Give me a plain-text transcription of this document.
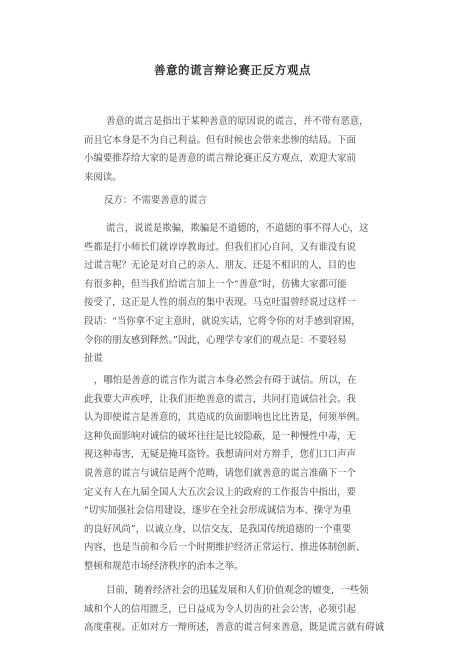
善意的谎言辩论赛正反方观点
善意的谎言是指出于某种善意的原因说的谎言，并不带有恶意，
而且它本身是不为自己利益。但有时候也会带来悲惨的结局。下面
小编要推荐给大家的是善意的谎言辩论赛正反方观点，欢迎大家前
来阅读。
反方：不需要善意的谎言
谎言，说谎是欺骗，欺骗是不道德的，不道德的事不得人心，这
些都是打小师长们就谆谆教诲过。但我们扪心自问，又有谁没有说
过谎言呢？无论是对自己的亲人、朋友、还是不相识的人，目的也
有很多种，但当我们给谎言加上一个“善意”时，仿佛大家都可能
接受了，这正是人性的弱点的集中表现。马克吐温曾经说过这样一
段话：“当你拿不定主意时，就说实话，它将令你的对手感到窘困，
令你的朋友感到释然。”因此，心理学专家们的观点是：不要轻易
扯谎
，哪怕是善意的谎言作为谎言本身必然会有碍于诚信。所以，在
此我要大声疾呼，让我们拒绝善意的谎言，共同打造诚信社会。我
认为即使谎言是善意的，其造成的负面影响也比比皆是，何须举例。
这种负面影响对诚信的破坏往往是比较隐蔽，是一种慢性中毒，无
视这种毒害，无疑是掩耳盗铃。我想请问对方辩手，您们口口声声
说善意的谎言与诚信是两个范畴，请您们就善意的谎言准确下一个
定义有人在九届全国人大五次会议上的政府的工作报告中指出，要
“切实加强社会信用建设，逐步在全社会形成诚信为本、操守为重
的良好风尚”，以诚立身，以信交友，是我国传统道德的一个重要
内容，也是当前和今后一个时期维护经济正常运行、推进体制创新、
整顿和规范市场经济秩序的治本之举。
目前，随着经济社会的迅猛发展和人们价值观念的嬗变，一些领
域和个人的信用匮乏，已日益成为令人切齿的社会公害，必须引起
高度重视。正如对方一辩所述，善意的谎言何来善意，既是谎言就有碍诚
